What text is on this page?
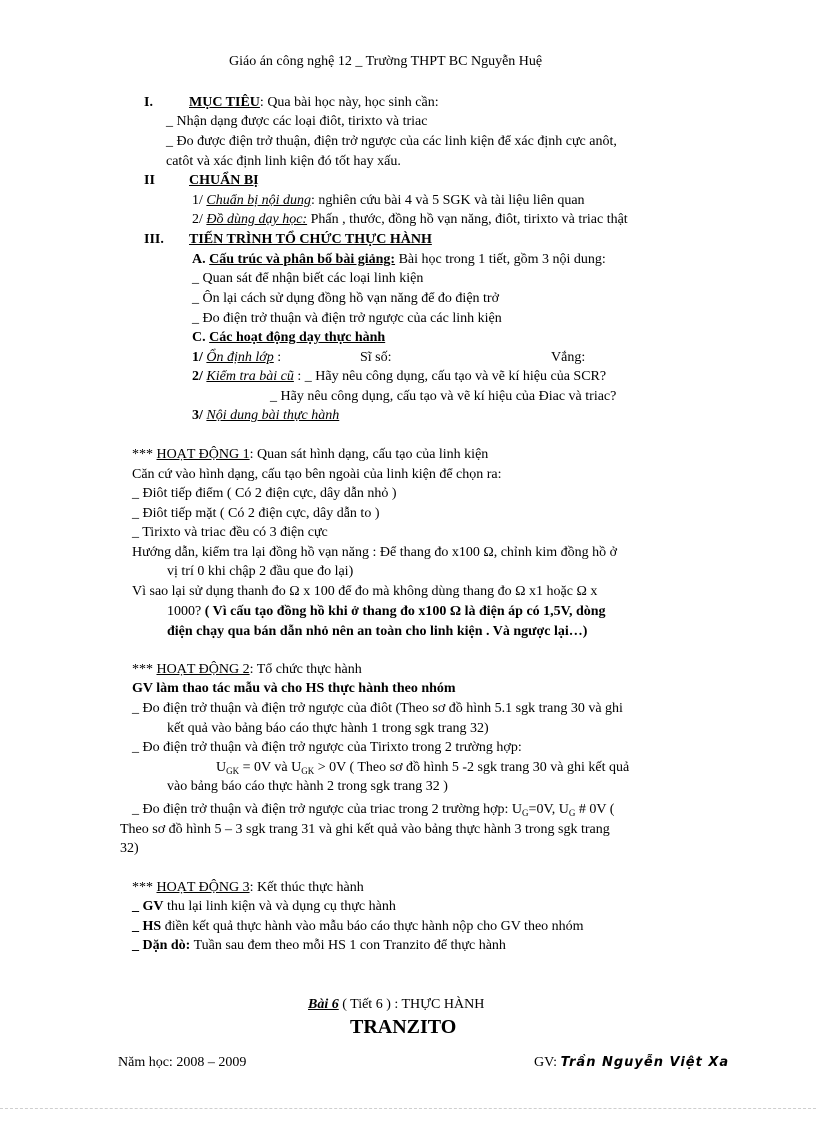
Giáo án công nghệ 12 _ Trường THPT BC Nguyễn Huệ
I.	MỤC TIÊU: Qua bài học này, học sinh cần:
_ Nhận dạng được các loại điôt, tirixto và triac
_ Đo được điện trở thuận, điện trở ngược của các linh kiện để xác định cực anôt,
catôt và xác định linh kiện đó tốt hay xấu.
II CHUẨN BỊ
1/ Chuẩn bị nội dung: nghiên cứu bài 4 và 5 SGK và tài liệu liên quan
2/ Đồ dùng dạy học: Phấn , thước, đồng hồ vạn năng, điôt, tirixto và triac thật
III. TIẾN TRÌNH TỔ CHỨC THỰC HÀNH
A. Cấu trúc và phân bố bài giảng: Bài học trong 1 tiết, gồm 3 nội dung:
_ Quan sát để nhận biết các loại linh kiện
_ Ôn lại cách sử dụng đồng hồ vạn năng để đo điện trở
_ Đo điện trở thuận và điện trở ngược của các linh kiện
C. Các hoạt động dạy thực hành
1/ Ổn định lớp :	Sĩ số:	Vắng:
2/ Kiểm tra bài cũ : _ Hãy nêu công dụng, cấu tạo và vẽ kí hiệu của SCR?
_ Hãy nêu công dụng, cấu tạo và vẽ kí hiệu của Điac và triac?
3/ Nội dung bài thực hành
*** HOẠT ĐỘNG 1: Quan sát hình dạng, cấu tạo của linh kiện
Căn cứ vào hình dạng, cấu tạo bên ngoài của linh kiện để chọn ra:
_ Điôt tiếp điểm ( Có 2 điện cực, dây dẫn nhỏ )
_ Điôt tiếp mặt ( Có 2 điện cực, dây dẫn to )
_ Tirixto và triac đều có 3 điện cực
Hướng dẫn, kiểm tra lại đồng hồ vạn năng : Để thang đo x100 Ω, chỉnh kim đồng hồ ở
vị trí 0 khi chập 2 đầu que đo lại)
Vì sao lại sử dụng thanh đo Ω x 100 để đo mà không dùng thang đo Ω x1 hoặc Ω x
1000? ( Vì cấu tạo đồng hồ khi ở thang đo x100 Ω là điện áp có 1,5V, dòng
điện chạy qua bán dẫn nhỏ nên an toàn cho linh kiện . Và ngược lại…)
*** HOẠT ĐỘNG 2: Tổ chức thực hành
GV làm thao tác mẫu và cho HS thực hành theo nhóm
_ Đo điện trở thuận và điện trở ngược của điôt (Theo sơ đồ hình 5.1 sgk trang 30 và ghi
kết quả vào bảng báo cáo thực hành 1 trong sgk trang 32)
_ Đo điện trở thuận và điện trở ngược của Tirixto trong 2 trường hợp:
$U_{GK} = 0V$ và $U_{GK} > 0V$ ( Theo sơ đồ hình 5 -2 sgk trang 30 và ghi kết quả
vào bảng báo cáo thực hành 2 trong sgk trang 32 )
_ Đo điện trở thuận và điện trở ngược của triac trong 2 trường hợp: $U_G=0V$, $U_G$ # 0V (
Theo sơ đồ hình 5 – 3 sgk trang 31 và ghi kết quả vào bảng thực hành 3 trong sgk trang
32)
*** HOẠT ĐỘNG 3: Kết thúc thực hành
_ GV thu lại linh kiện và và dụng cụ thực hành
_ HS điền kết quả thực hành vào mẫu báo cáo thực hành nộp cho GV theo nhóm
_ Dặn dò: Tuần sau đem theo mỗi HS 1 con Tranzito để thực hành
Bài 6 ( Tiết 6 ) : THỰC HÀNH
TRANZITO
Năm học: 2008 – 2009	GV: Trần Nguyễn Việt Xa
